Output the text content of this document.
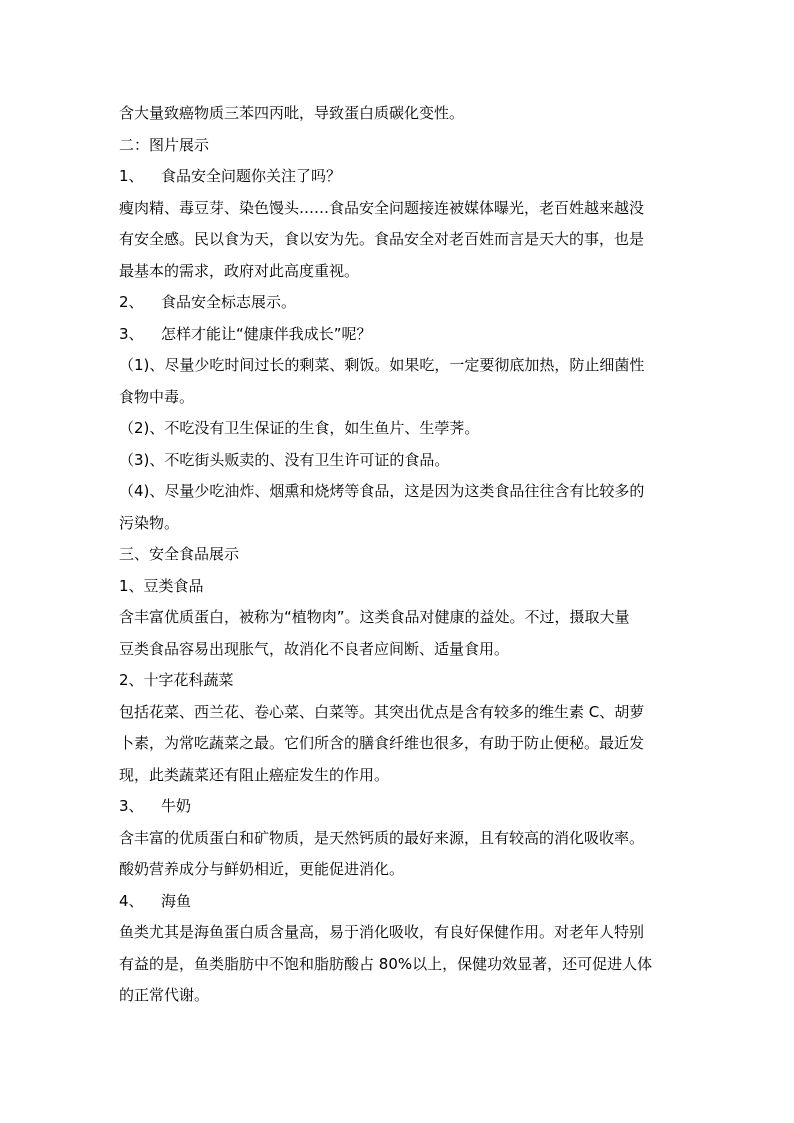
含大量致癌物质三苯四丙吡，导致蛋白质碳化变性。
二：图片展示
1、 食品安全问题你关注了吗？
瘦肉精、毒豆芽、染色馒头……食品安全问题接连被媒体曝光，老百姓越来越没
有安全感。民以食为天，食以安为先。食品安全对老百姓而言是天大的事，也是
最基本的需求，政府对此高度重视。
2、 食品安全标志展示。
3、 怎样才能让“健康伴我成长”呢？
（1)、尽量少吃时间过长的剩菜、剩饭。如果吃，一定要彻底加热，防止细菌性
食物中毒。
（2)、不吃没有卫生保证的生食，如生鱼片、生荸荠。
（3)、不吃街头贩卖的、没有卫生许可证的食品。
（4)、尽量少吃油炸、烟熏和烧烤等食品，这是因为这类食品往往含有比较多的
污染物。
三、安全食品展示
1、豆类食品
含丰富优质蛋白，被称为“植物肉”。这类食品对健康的益处。不过，摄取大量
豆类食品容易出现胀气，故消化不良者应间断、适量食用。
2、十字花科蔬菜
包括花菜、西兰花、卷心菜、白菜等。其突出优点是含有较多的维生素 C、胡萝
卜素，为常吃蔬菜之最。它们所含的膳食纤维也很多，有助于防止便秘。最近发
现，此类蔬菜还有阻止癌症发生的作用。
3、 牛奶
含丰富的优质蛋白和矿物质，是天然钙质的最好来源，且有较高的消化吸收率。
酸奶营养成分与鲜奶相近，更能促进消化。
4、 海鱼
鱼类尤其是海鱼蛋白质含量高，易于消化吸收，有良好保健作用。对老年人特别
有益的是，鱼类脂肪中不饱和脂肪酸占 80%以上，保健功效显著，还可促进人体
的正常代谢。
